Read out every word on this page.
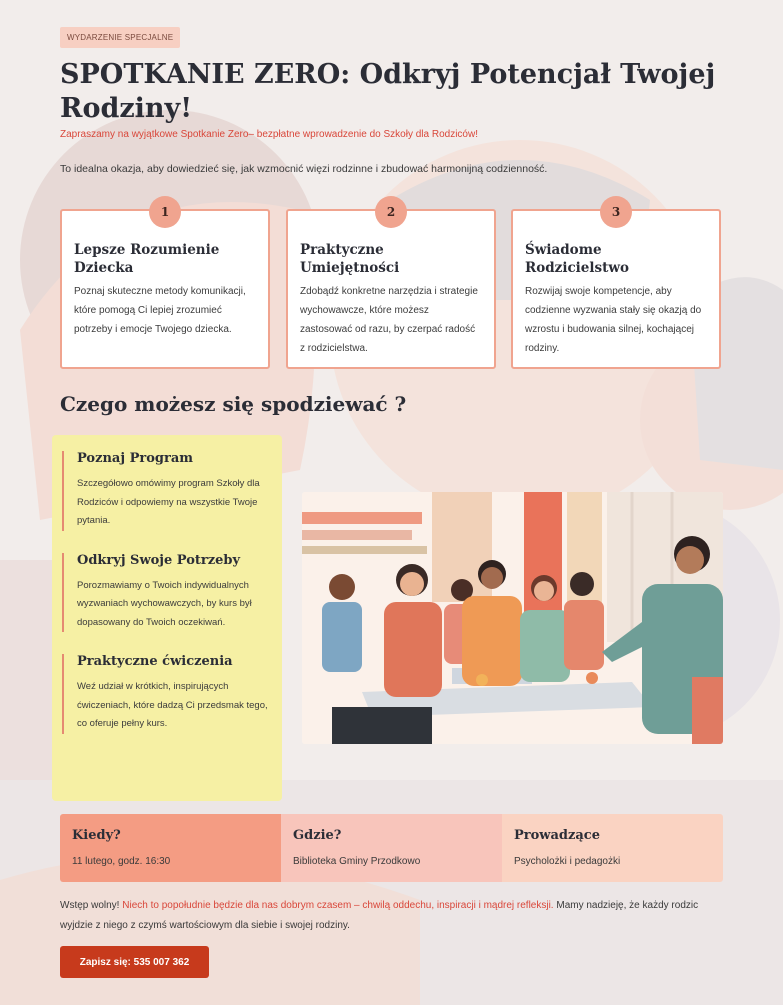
WYDARZENIE SPECJALNE
SPOTKANIE ZERO: Odkryj Potencjał Twojej Rodziny!

Zapraszamy na wyjątkowe Spotkanie Zero– bezpłatne wprowadzenie do Szkoły dla Rodziców!

To idealna okazja, aby dowiedzieć się, jak wzmocnić więzi rodzinne i zbudować harmonijną codzienność.

1
Lepsze Rozumienie Dziecka

Poznaj skuteczne metody komunikacji, które pomogą Ci lepiej zrozumieć potrzeby i emocje Twojego dziecka.

2
Praktyczne Umiejętności

Zdobądź konkretne narzędzia i strategie wychowawcze, które możesz zastosować od razu, by czerpać radość z rodzicielstwa.

3
Świadome Rodzicielstwo

Rozwijaj swoje kompetencje, aby codzienne wyzwania stały się okazją do wzrostu i budowania silnej, kochającej rodziny.

Czego możesz się spodziewać ?
Poznaj Program

Szczegółowo omówimy program Szkoły dla Rodziców i odpowiemy na wszystkie Twoje pytania.

Odkryj Swoje Potrzeby

Porozmawiamy o Twoich indywidualnych wyzwaniach wychowawczych, by kurs był dopasowany do Twoich oczekiwań.

Praktyczne ćwiczenia

Weź udział w krótkich, inspirujących ćwiczeniach, które dadzą Ci przedsmak tego, co oferuje pełny kurs.

Kiedy?
11 lutego, godz. 16:30
Gdzie?
Biblioteka Gminy Przodkowo
Prowadzące
Psycholożki i pedagożki

Wstęp wolny! Niech to popołudnie będzie dla nas dobrym czasem – chwilą oddechu, inspiracji i mądrej refleksji. Mamy nadzieję, że każdy rodzic wyjdzie z niego z czymś wartościowym dla siebie i swojej rodziny.

Zapisz się: 535 007 362
